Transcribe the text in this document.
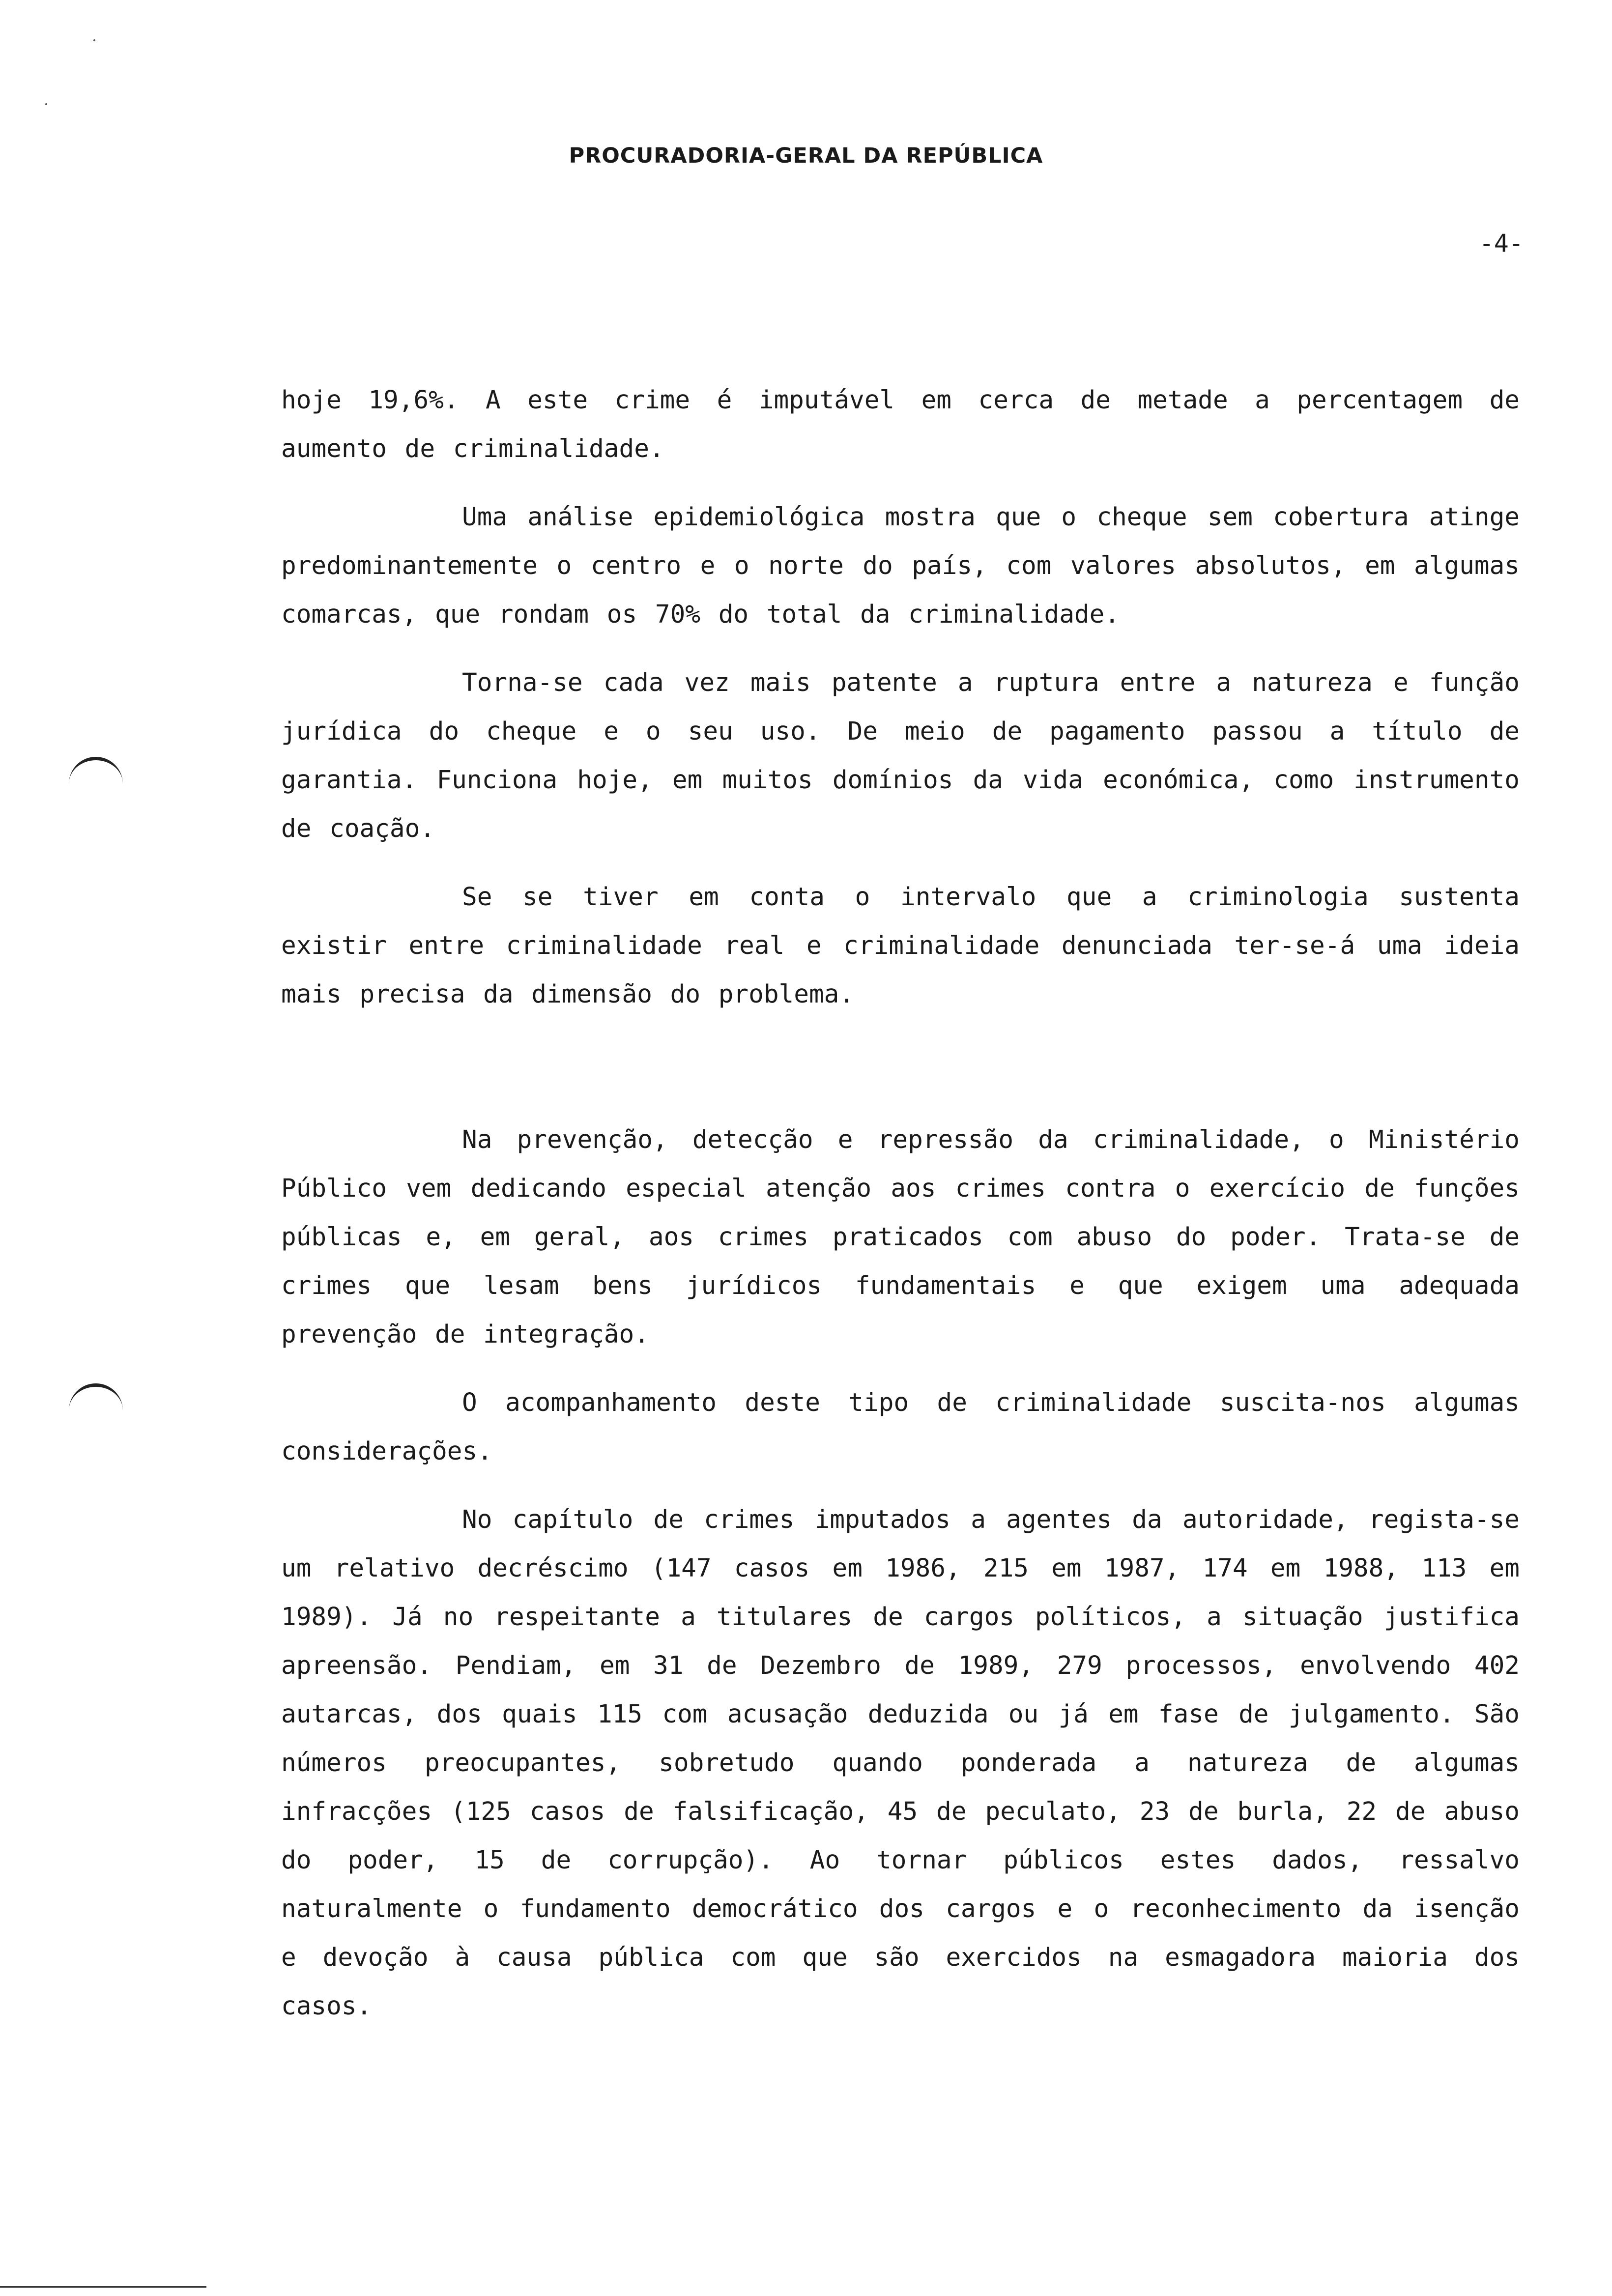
PROCURADORIA-GERAL DA REPÚBLICA
-4-

hoje 19,6%. A este crime é imputável em cerca de metade a percentagem de aumento de criminalidade.

Uma análise epidemiológica mostra que o cheque sem cobertura atinge predominantemente o centro e o norte do país, com valores absolutos, em algumas comarcas, que rondam os 70% do total da criminalidade.

Torna-se cada vez mais patente a ruptura entre a natureza e função jurídica do cheque e o seu uso. De meio de pagamento passou a título de garantia. Funciona hoje, em muitos domínios da vida económica, como instrumento de coação.

Se se tiver em conta o intervalo que a criminologia sustenta existir entre criminalidade real e criminalidade denunciada ter-se-á uma ideia mais precisa da dimensão do problema.

Na prevenção, detecção e repressão da criminalidade, o Ministério Público vem dedicando especial atenção aos crimes contra o exercício de funções públicas e, em geral, aos crimes praticados com abuso do poder. Trata-se de crimes que lesam bens jurídicos fundamentais e que exigem uma adequada prevenção de integração.

O acompanhamento deste tipo de criminalidade suscita-nos algumas considerações.

No capítulo de crimes imputados a agentes da autoridade, regista-se um relativo decréscimo (147 casos em 1986, 215 em 1987, 174 em 1988, 113 em 1989). Já no respeitante a titulares de cargos políticos, a situação justifica apreensão. Pendiam, em 31 de Dezembro de 1989, 279 processos, envolvendo 402 autarcas, dos quais 115 com acusação deduzida ou já em fase de julgamento. São números preocupantes, sobretudo quando ponderada a natureza de algumas infracções (125 casos de falsificação, 45 de peculato, 23 de burla, 22 de abuso do poder, 15 de corrupção). Ao tornar públicos estes dados, ressalvo naturalmente o fundamento democrático dos cargos e o reconhecimento da isenção e devoção à causa pública com que são exercidos na esmagadora maioria dos casos.
